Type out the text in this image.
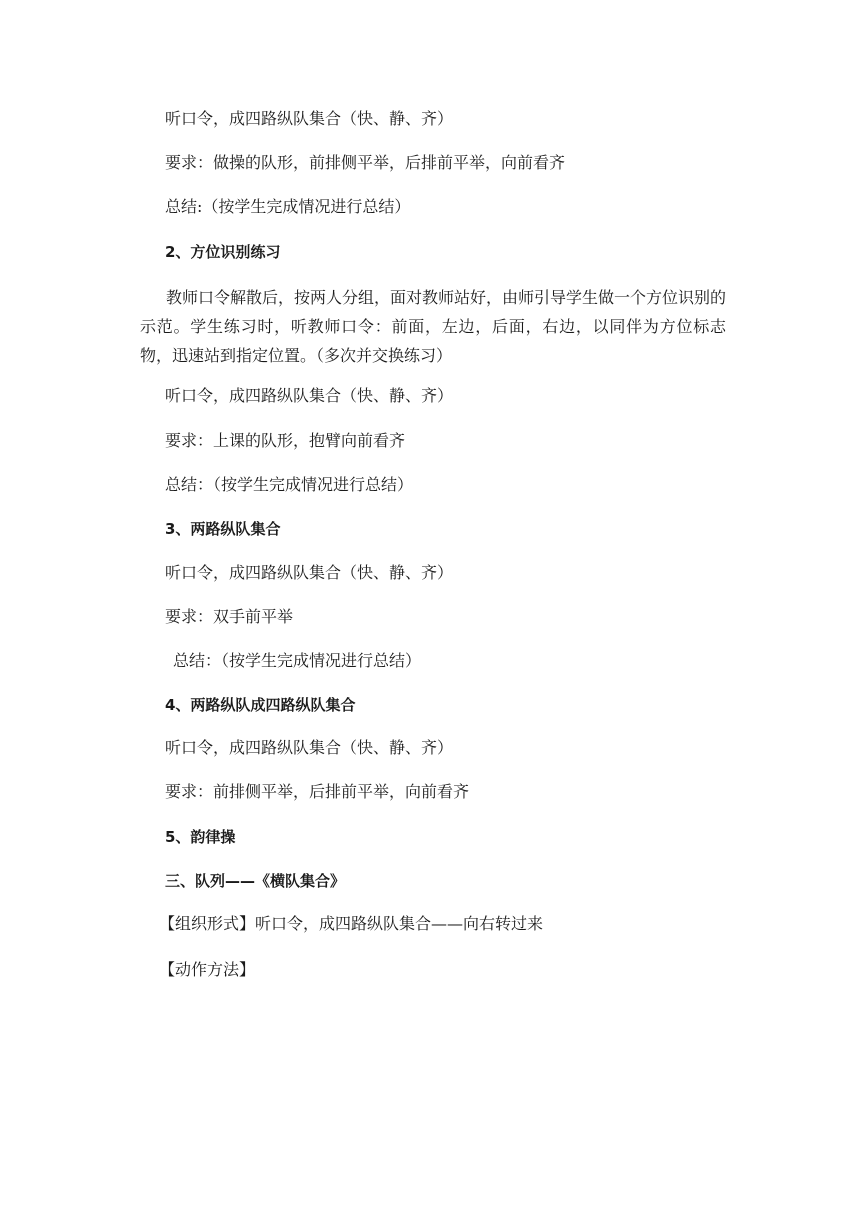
听口令，成四路纵队集合（快、静、齐）
要求：做操的队形，前排侧平举，后排前平举，向前看齐
总结:（按学生完成情况进行总结）
2、方位识别练习
教师口令解散后，按两人分组，面对教师站好，由师引导学生做一个方位识别的示范。学生练习时，听教师口令：前面，左边，后面，右边，以同伴为方位标志物，迅速站到指定位置。（多次并交换练习）
听口令，成四路纵队集合（快、静、齐）
要求：上课的队形，抱臂向前看齐
总结：（按学生完成情况进行总结）
3、两路纵队集合
听口令，成四路纵队集合（快、静、齐）
要求：双手前平举
总结：（按学生完成情况进行总结）
4、两路纵队成四路纵队集合
听口令，成四路纵队集合（快、静、齐）
要求：前排侧平举，后排前平举，向前看齐
5、韵律操
三、队列——《横队集合》
【组织形式】听口令，成四路纵队集合——向右转过来
【动作方法】
